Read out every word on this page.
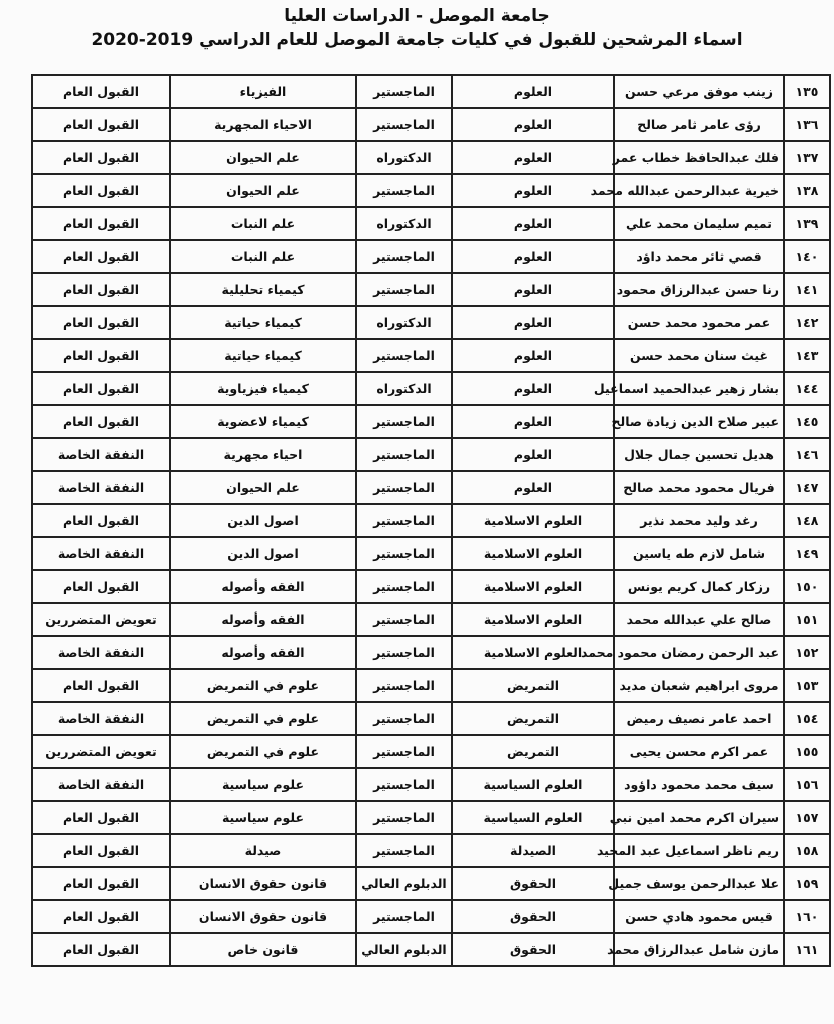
جامعة الموصل - الدراسات العليا
اسماء المرشحين للقبول في كليات جامعة الموصل للعام الدراسي 2019-2020
١٣٥	زينب موفق مرعي حسن	العلوم	الماجستير	الفيزياء	القبول العام
١٣٦	رؤى عامر ثامر صالح	العلوم	الماجستير	الاحياء المجهرية	القبول العام
١٣٧	فلك عبدالحافظ خطاب عمر	العلوم	الدكتوراه	علم الحيوان	القبول العام
١٣٨	خيرية عبدالرحمن عبدالله محمد	العلوم	الماجستير	علم الحيوان	القبول العام
١٣٩	تميم سليمان محمد علي	العلوم	الدكتوراه	علم النبات	القبول العام
١٤٠	قصي ثائر محمد داؤد	العلوم	الماجستير	علم النبات	القبول العام
١٤١	رنا حسن عبدالرزاق محمود	العلوم	الماجستير	كيمياء تحليلية	القبول العام
١٤٢	عمر محمود محمد حسن	العلوم	الدكتوراه	كيمياء حياتية	القبول العام
١٤٣	غيث سنان محمد حسن	العلوم	الماجستير	كيمياء حياتية	القبول العام
١٤٤	بشار زهير عبدالحميد اسماعيل	العلوم	الدكتوراه	كيمياء فيزياوية	القبول العام
١٤٥	عبير صلاح الدين زيادة صالح	العلوم	الماجستير	كيمياء لاعضوية	القبول العام
١٤٦	هديل تحسين جمال جلال	العلوم	الماجستير	احياء مجهرية	النفقة الخاصة
١٤٧	فريال محمود محمد صالح	العلوم	الماجستير	علم الحيوان	النفقة الخاصة
١٤٨	رغد وليد محمد نذير	العلوم الاسلامية	الماجستير	اصول الدين	القبول العام
١٤٩	شامل لازم طه ياسين	العلوم الاسلامية	الماجستير	اصول الدين	النفقة الخاصة
١٥٠	رزكار كمال كريم يونس	العلوم الاسلامية	الماجستير	الفقه وأصوله	القبول العام
١٥١	صالح علي عبدالله محمد	العلوم الاسلامية	الماجستير	الفقه وأصوله	تعويض المتضررين
١٥٢	عبد الرحمن رمضان محمود محمد	العلوم الاسلامية	الماجستير	الفقه وأصوله	النفقة الخاصة
١٥٣	مروى ابراهيم شعبان مديد	التمريض	الماجستير	علوم في التمريض	القبول العام
١٥٤	احمد عامر نصيف رميض	التمريض	الماجستير	علوم في التمريض	النفقة الخاصة
١٥٥	عمر اكرم محسن يحيى	التمريض	الماجستير	علوم في التمريض	تعويض المتضررين
١٥٦	سيف محمد محمود داؤود	العلوم السياسية	الماجستير	علوم سياسية	النفقة الخاصة
١٥٧	سيران اكرم محمد امين نبي	العلوم السياسية	الماجستير	علوم سياسية	القبول العام
١٥٨	ريم ناظر اسماعيل عبد المجيد	الصيدلة	الماجستير	صيدلة	القبول العام
١٥٩	علا عبدالرحمن يوسف جميل	الحقوق	الدبلوم العالي	قانون حقوق الانسان	القبول العام
١٦٠	قيس محمود هادي حسن	الحقوق	الماجستير	قانون حقوق الانسان	القبول العام
١٦١	مازن شامل عبدالرزاق محمد	الحقوق	الدبلوم العالي	قانون خاص	القبول العام
